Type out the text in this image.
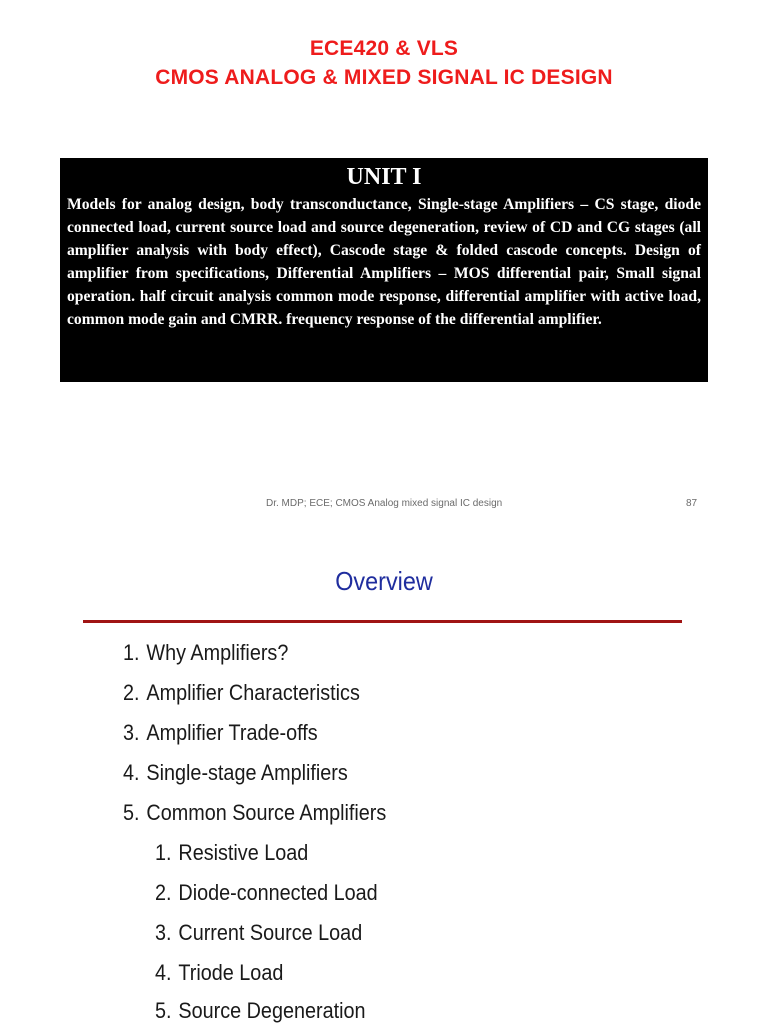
ECE420 & VLS
CMOS ANALOG & MIXED SIGNAL IC DESIGN
UNIT I
Models for analog design, body transconductance, Single-stage Amplifiers – CS stage, diode connected load, current source load and source degeneration, review of CD and CG stages (all amplifier analysis with body effect), Cascode stage & folded cascode concepts. Design of amplifier from specifications, Differential Amplifiers – MOS differential pair, Small signal operation. half circuit analysis common mode response, differential amplifier with active load, common mode gain and CMRR. frequency response of the differential amplifier.
Dr. MDP; ECE; CMOS Analog mixed signal IC design	87
Overview
1. Why Amplifiers?
2. Amplifier Characteristics
3. Amplifier Trade-offs
4. Single-stage Amplifiers
5. Common Source Amplifiers
1. Resistive Load
2. Diode-connected Load
3. Current Source Load
4. Triode Load
5. Source Degeneration
